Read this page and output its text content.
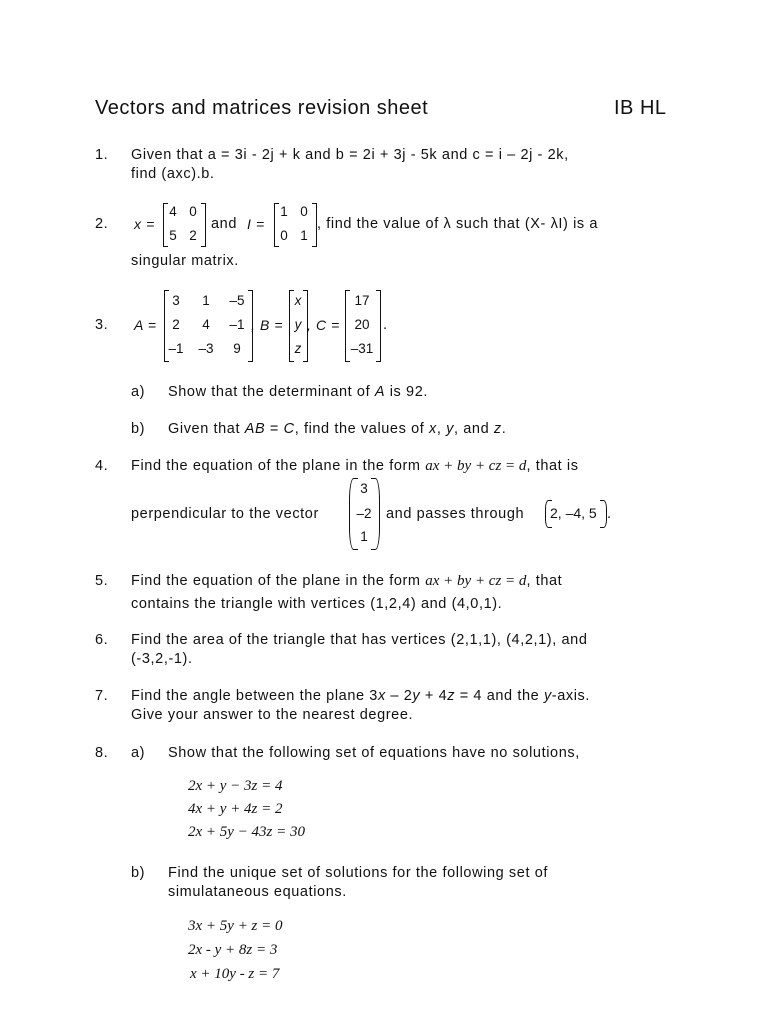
Vectors and matrices revision sheet	IB HL
1. Given that a = 3i - 2j + k and b = 2i + 3j - 5k and c = i – 2j - 2k,
find (axc).b.
2. x =
4 0
5 2
and I =
1 0
0 1
, find the value of λ such that (X- λI) is a
singular matrix.
3. A =
3	1	–5
2	4	–1
–1 –3	9
, B =
x
y
z
, C =
17
20
–31
.
a) Show that the determinant of A is 92.
b) Given that AB = C, find the values of x, y, and z.
4. Find the equation of the plane in the form ax + by + cz = d, that is
perpendicular to the vector
3
–2
1
and passes through 2, –4, 5 .
5. Find the equation of the plane in the form ax + by + cz = d, that
contains the triangle with vertices (1,2,4) and (4,0,1).
6. Find the area of the triangle that has vertices (2,1,1), (4,2,1), and
(-3,2,-1).
7. Find the angle between the plane 3x – 2y + 4z = 4 and the y-axis.
Give your answer to the nearest degree.
8. a) Show that the following set of equations have no solutions,
2x + y − 3z = 4
4x + y + 4z = 2
2x + 5y − 43z = 30
b) Find the unique set of solutions for the following set of
simulataneous equations.
3x + 5y + z = 0
2x - y + 8z = 3
x + 10y - z = 7
